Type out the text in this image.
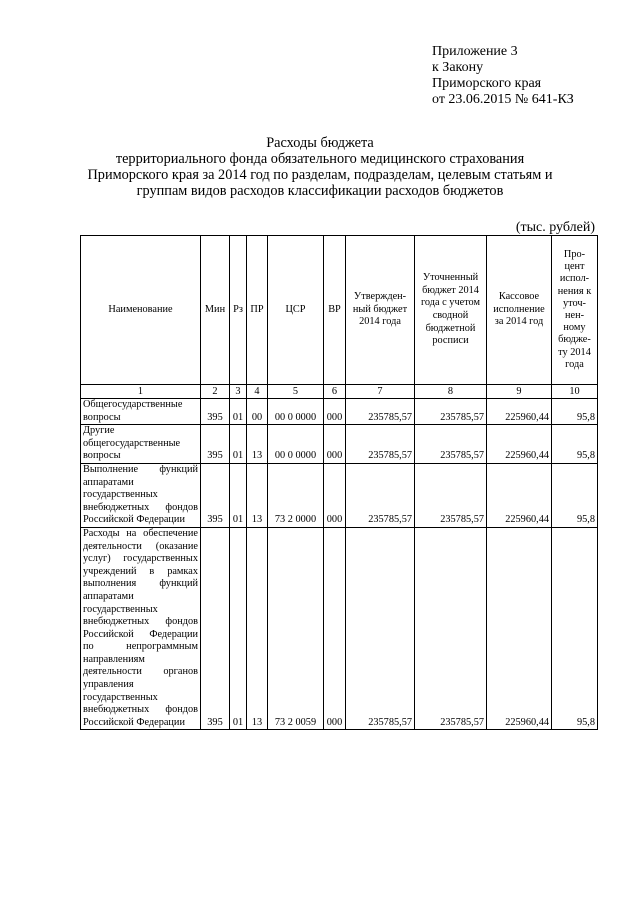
Приложение 3
к Закону
Приморского края
от 23.06.2015 № 641-КЗ
Расходы бюджета
территориального фонда обязательного медицинского страхования
Приморского края за 2014 год по разделам, подразделам, целевым статьям и
группам видов расходов классификации расходов бюджетов
(тыс. рублей)
Наименование	Мин	Рз	ПР	ЦСР	ВР	Утвержден-ный бюджет 2014 года	Уточненный бюджет 2014 года с учетом сводной бюджетной росписи	Кассовое исполнение за 2014 год	Про-цент испол-нения к уточ-нен-ному бюдже-ту 2014 года
1	2	3	4	5	6	7	8	9	10
Общегосударственные вопросы	395	01	00	00 0 0000	000	235785,57	235785,57	225960,44	95,8
Другие общегосударственные вопросы	395	01	13	00 0 0000	000	235785,57	235785,57	225960,44	95,8
Выполнение функций аппаратами государственных внебюджетных фондов Российской Федерации	395	01	13	73 2 0000	000	235785,57	235785,57	225960,44	95,8
Расходы на обеспечение деятельности (оказание услуг) государственных учреждений в рамках выполнения функций аппаратами государственных внебюджетных фондов Российской Федерации по непрограммным направлениям деятельности органов управления государственных внебюджетных фондов Российской Федерации	395	01	13	73 2 0059	000	235785,57	235785,57	225960,44	95,8
